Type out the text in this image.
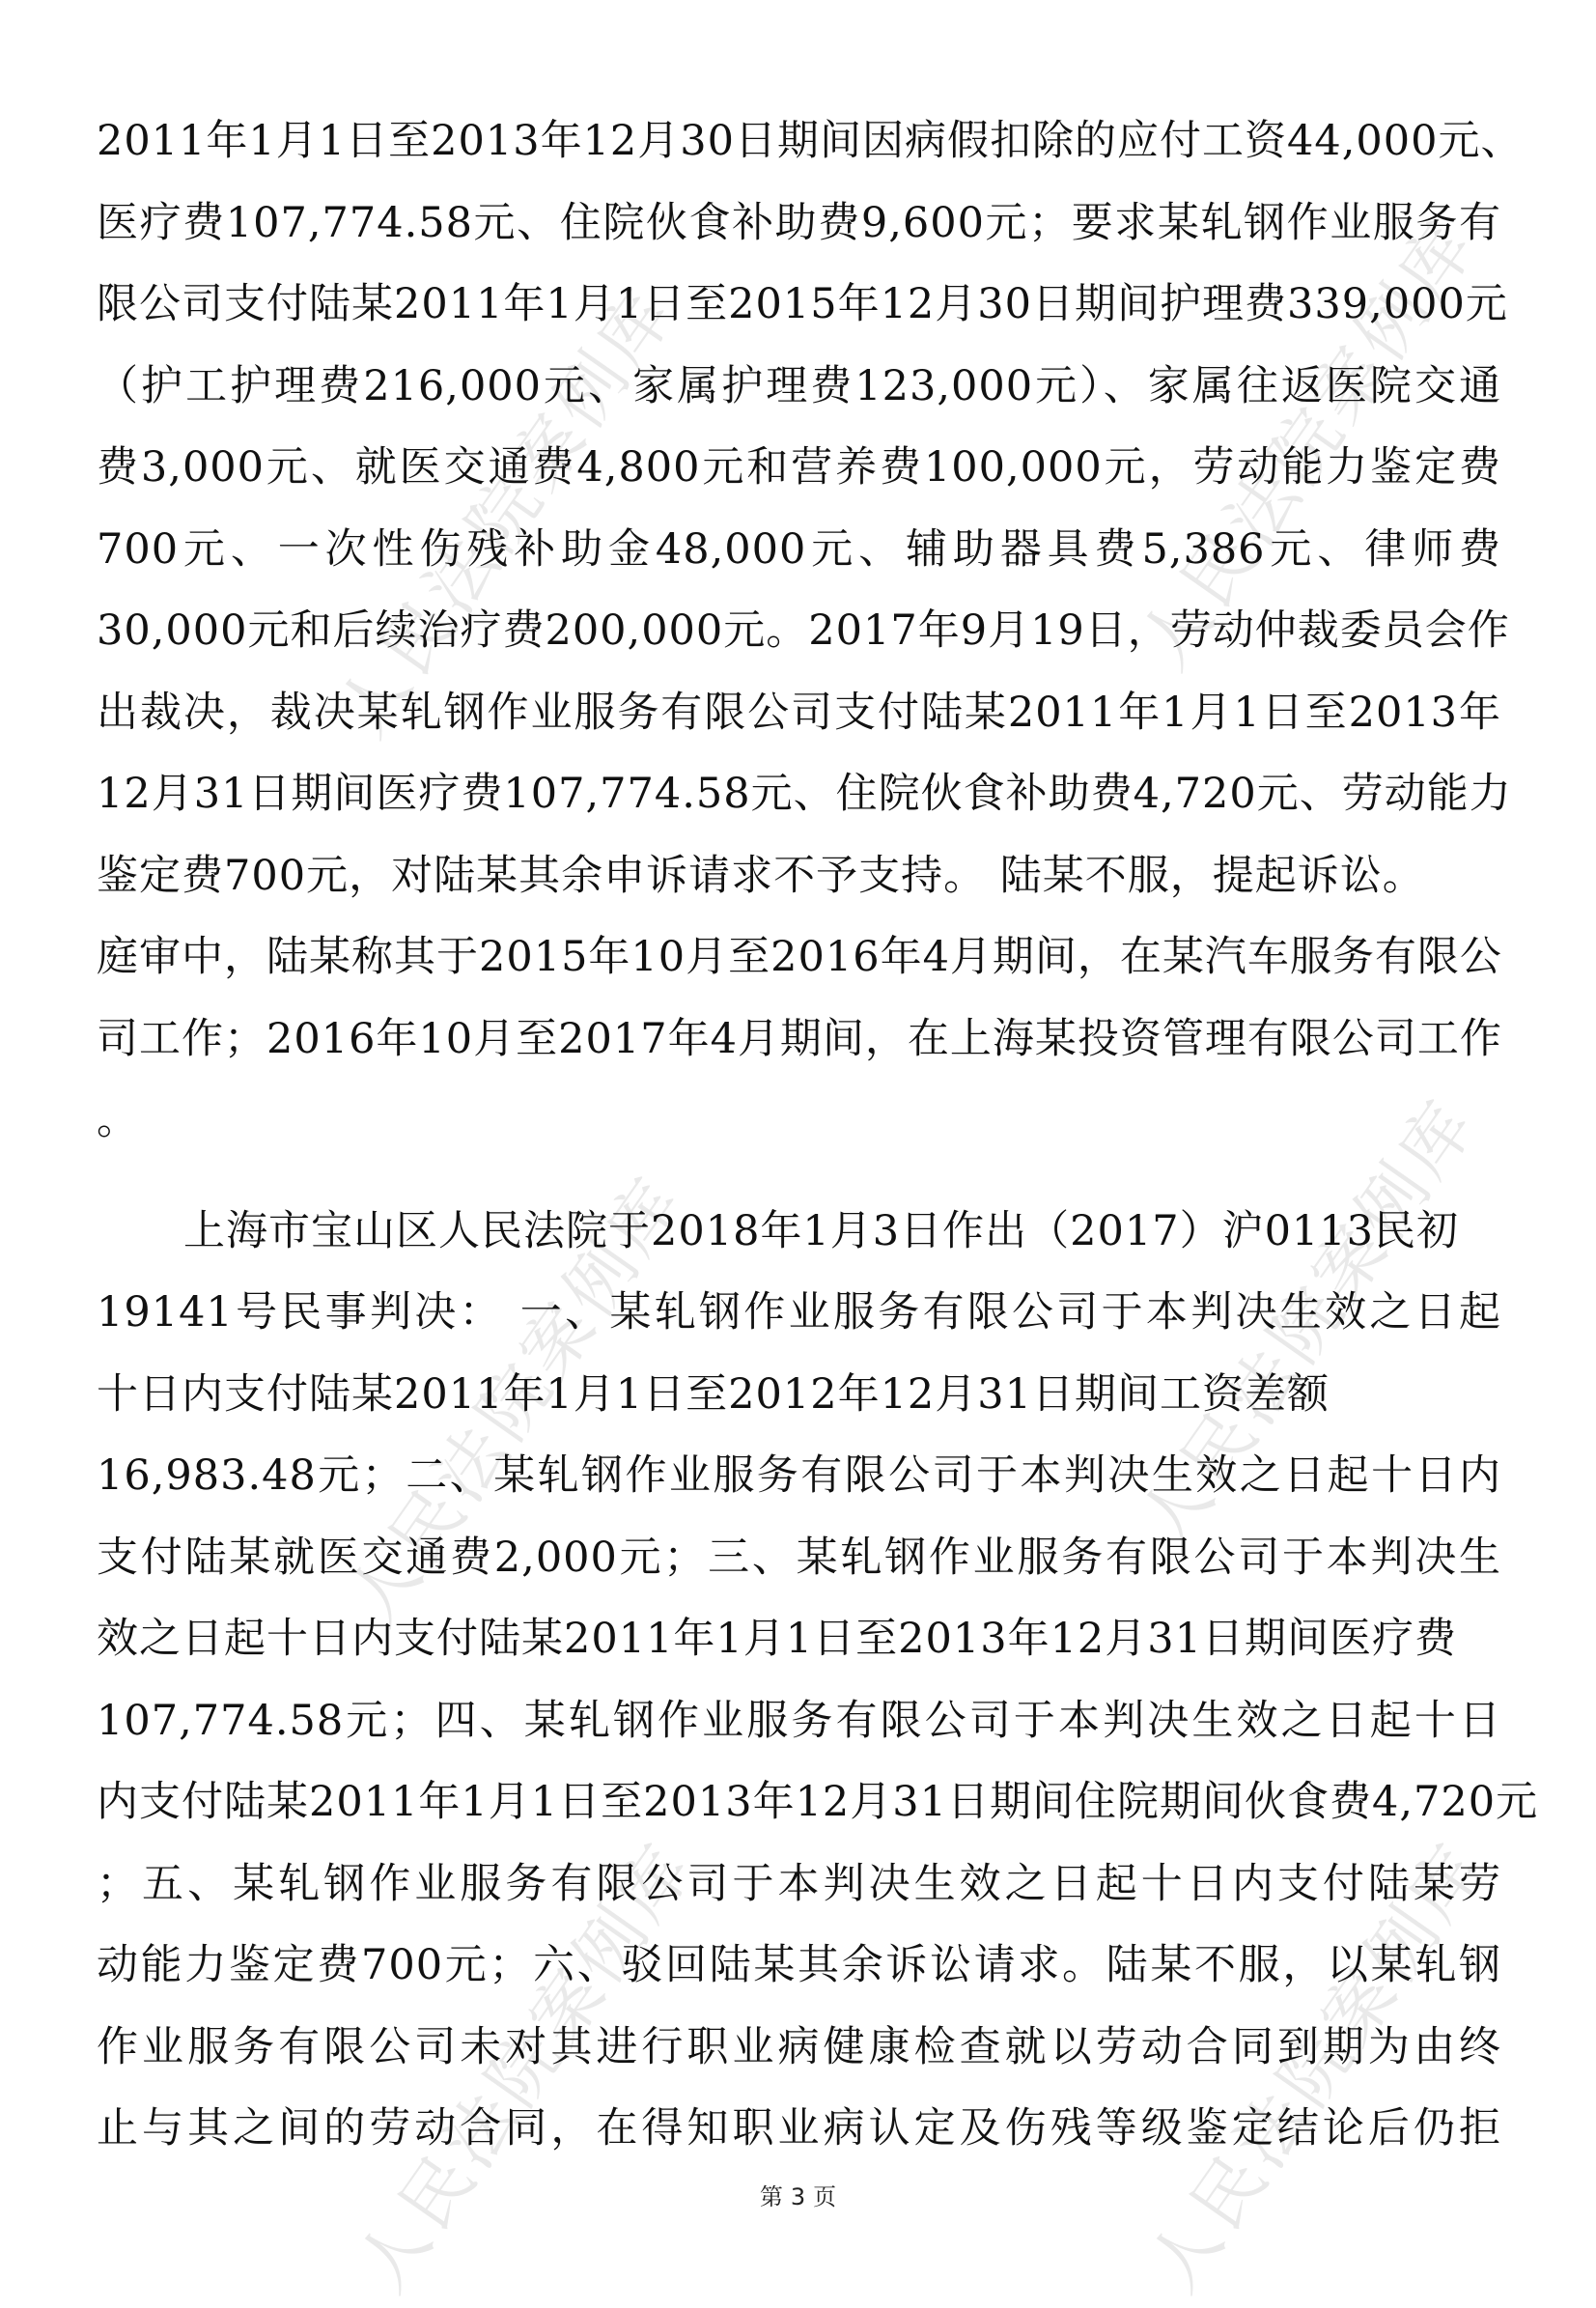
人民法院案例库	人民法院案例库
人民法院案例库	人民法院案例库
人民法院案例库	人民法院案例库
2011年1月1日至2013年12月30日期间因病假扣除的应付工资44,000元、
医疗费107,774.58元、住院伙食补助费9,600元；要求某轧钢作业服务有
限公司支付陆某2011年1月1日至2015年12月30日期间护理费339,000元
（护工护理费216,000元、家属护理费123,000元）、家属往返医院交通
费3,000元、就医交通费4,800元和营养费100,000元，劳动能力鉴定费
700元、一次性伤残补助金48,000元、辅助器具费5,386元、律师费
30,000元和后续治疗费200,000元。2017年9月19日，劳动仲裁委员会作
出裁决，裁决某轧钢作业服务有限公司支付陆某2011年1月1日至2013年
12月31日期间医疗费107,774.58元、住院伙食补助费4,720元、劳动能力
鉴定费700元，对陆某其余申诉请求不予支持。 陆某不服，提起诉讼。
庭审中，陆某称其于2015年10月至2016年4月期间，在某汽车服务有限公
司工作；2016年10月至2017年4月期间，在上海某投资管理有限公司工作
。
上海市宝山区人民法院于2018年1月3日作出（2017）沪0113民初
19141号民事判决： 一、某轧钢作业服务有限公司于本判决生效之日起
十日内支付陆某2011年1月1日至2012年12月31日期间工资差额
16,983.48元；二、某轧钢作业服务有限公司于本判决生效之日起十日内
支付陆某就医交通费2,000元；三、某轧钢作业服务有限公司于本判决生
效之日起十日内支付陆某2011年1月1日至2013年12月31日期间医疗费
107,774.58元；四、某轧钢作业服务有限公司于本判决生效之日起十日
内支付陆某2011年1月1日至2013年12月31日期间住院期间伙食费4,720元
；五、某轧钢作业服务有限公司于本判决生效之日起十日内支付陆某劳
动能力鉴定费700元；六、驳回陆某其余诉讼请求。陆某不服，以某轧钢
作业服务有限公司未对其进行职业病健康检查就以劳动合同到期为由终
止与其之间的劳动合同，在得知职业病认定及伤残等级鉴定结论后仍拒
第 3 页
